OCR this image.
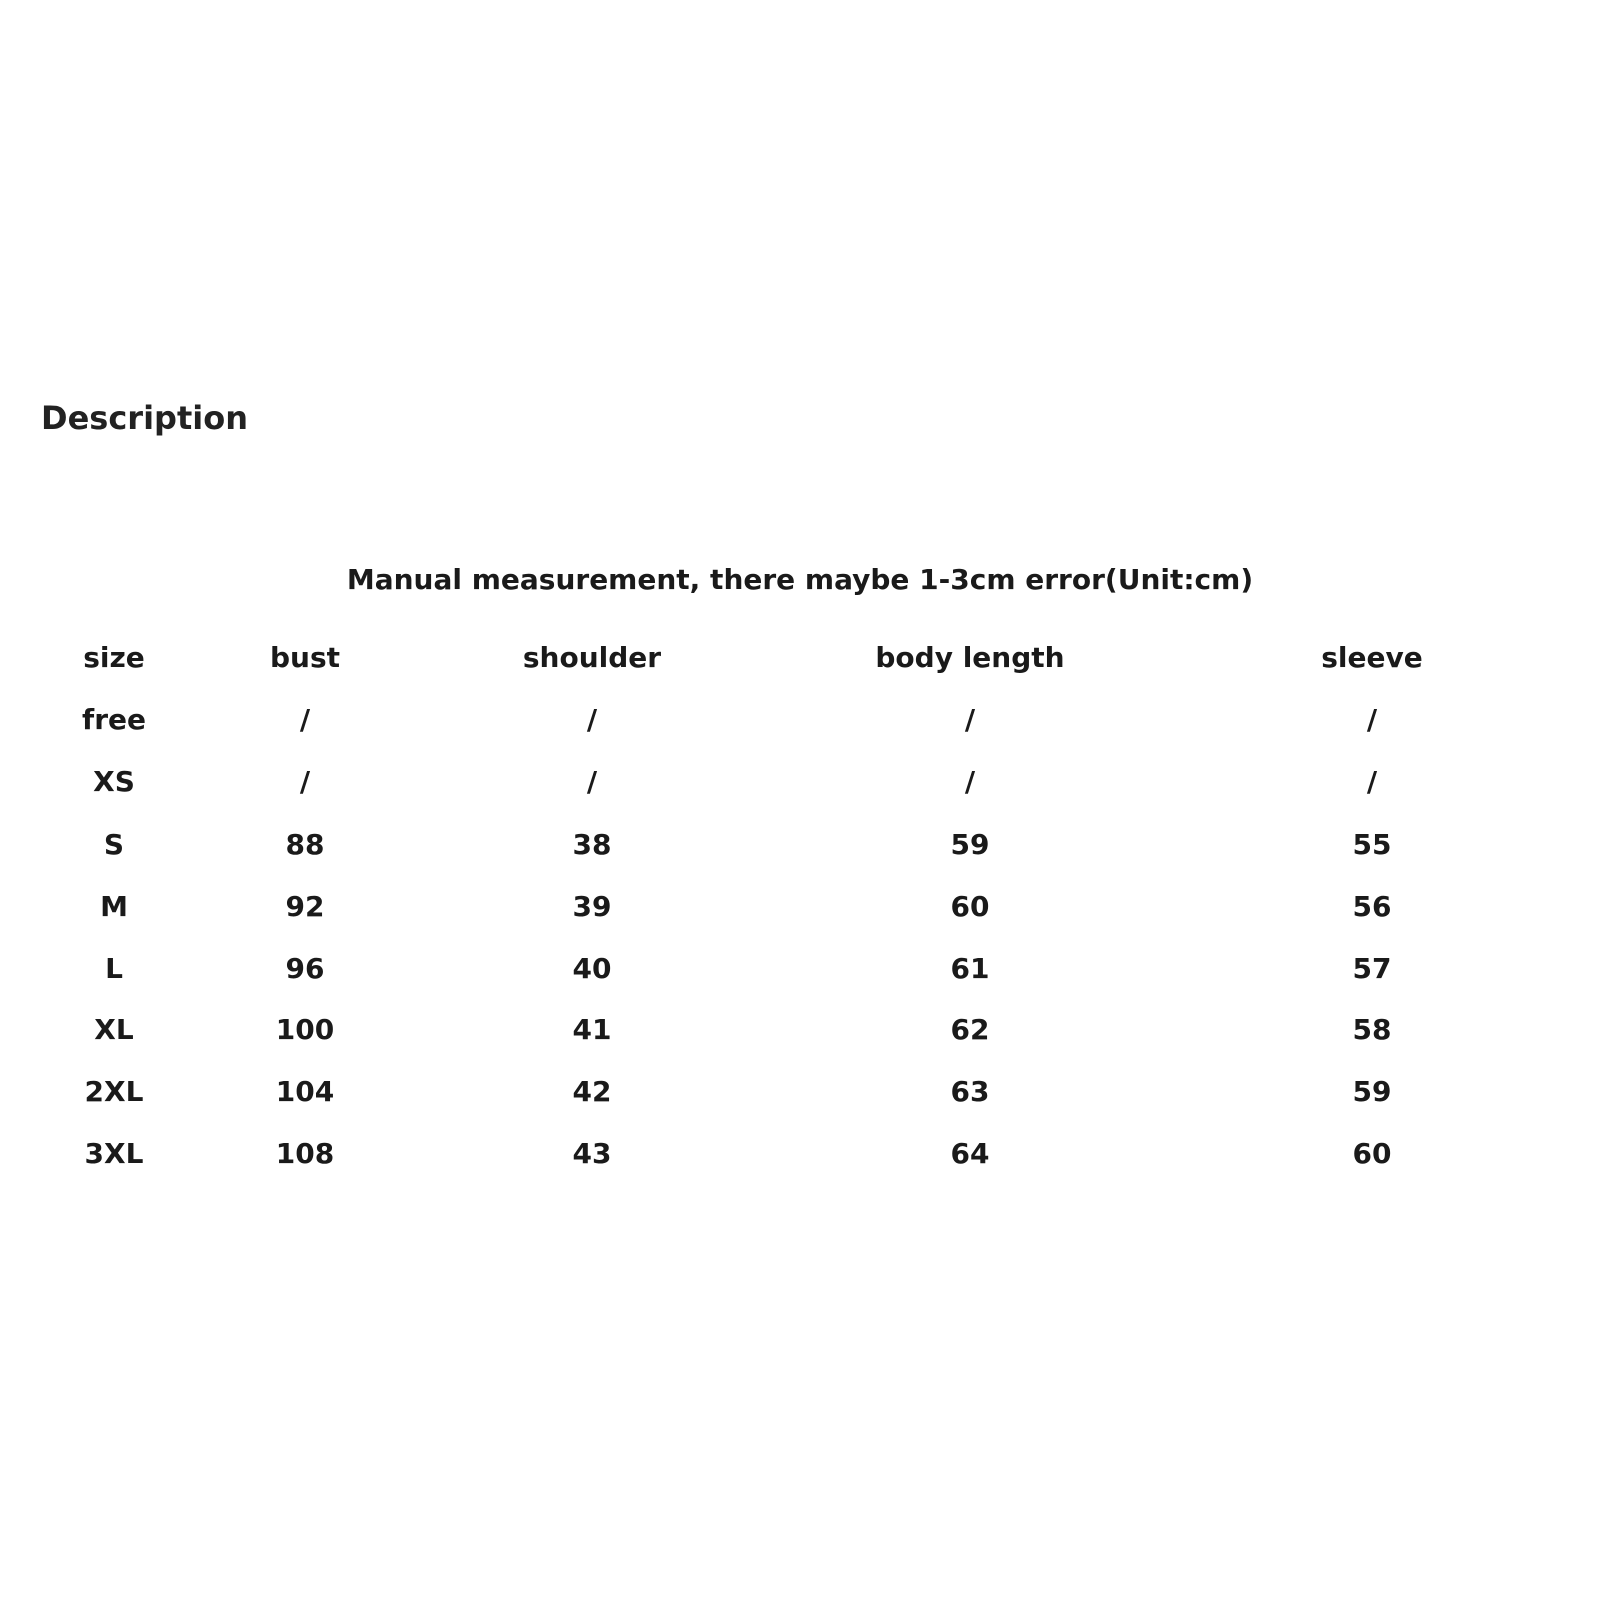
Description
Manual measurement, there maybe 1-3cm error(Unit:cm)
size	bust	shoulder	body length	sleeve
free	/	/	/	/
XS	/	/	/	/
S	88	38	59	55
M	92	39	60	56
L	96	40	61	57
XL	100	41	62	58
2XL	104	42	63	59
3XL	108	43	64	60
